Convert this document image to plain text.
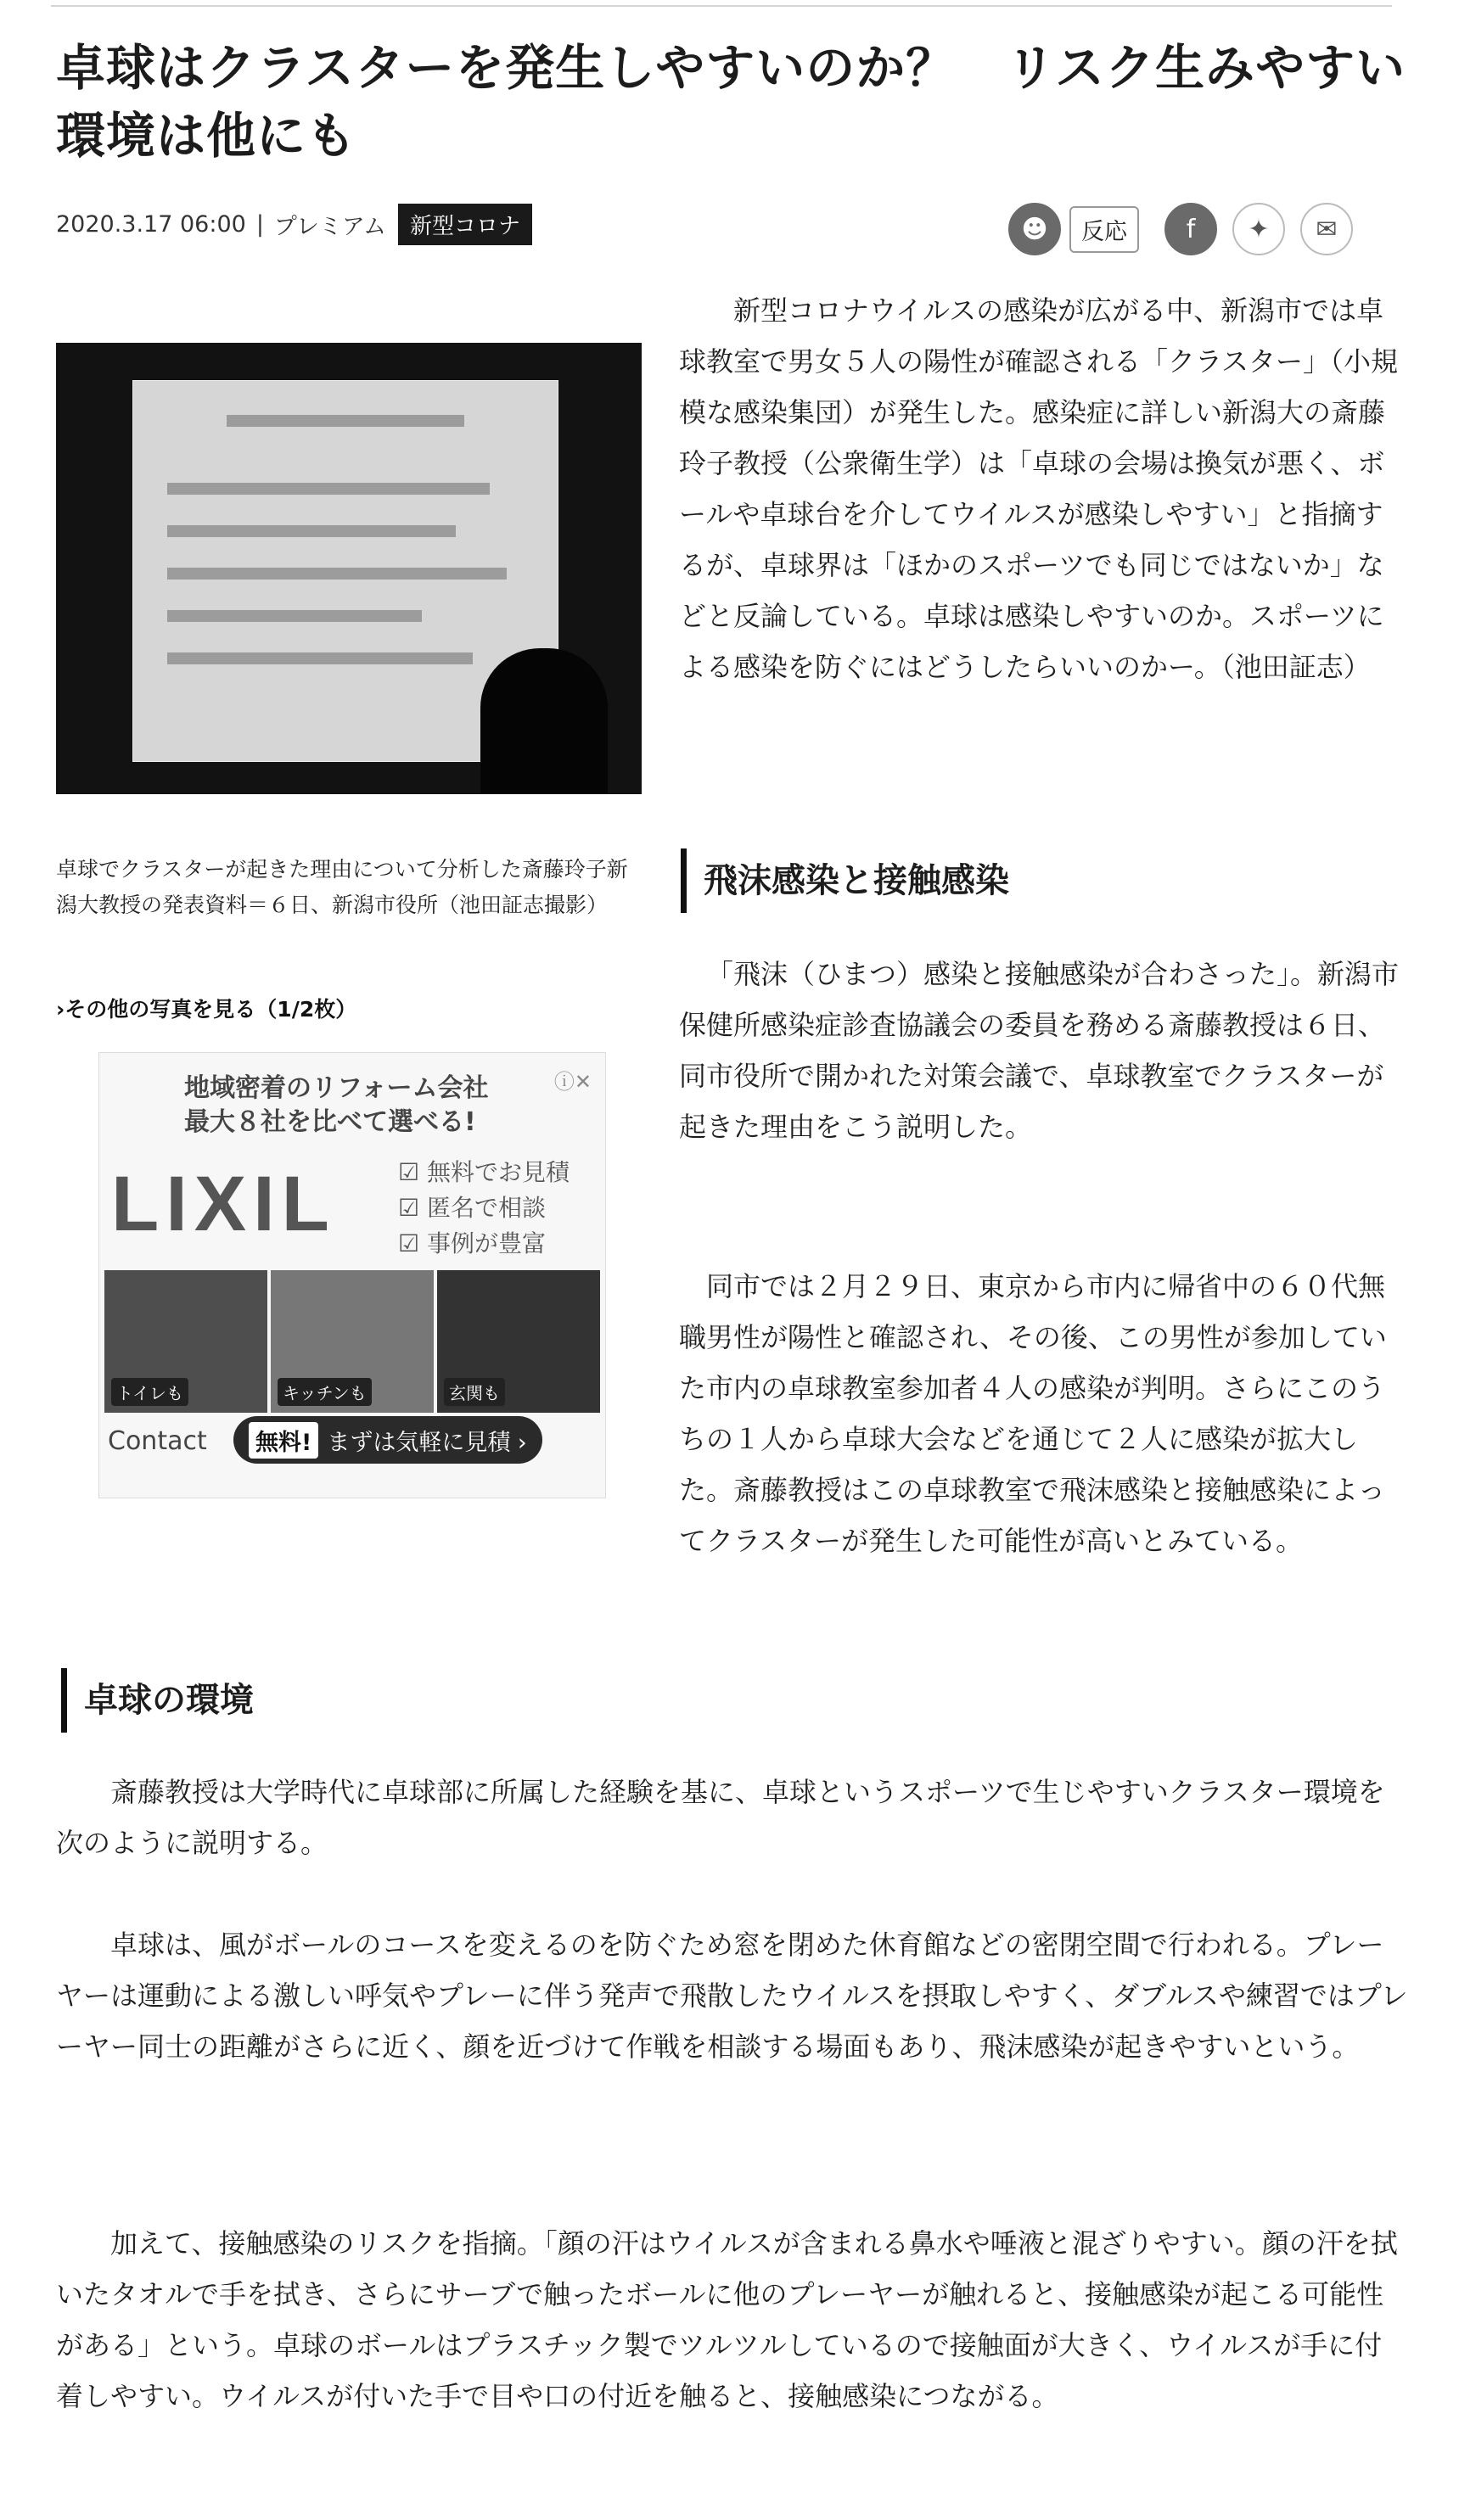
卓球はクラスターを発生しやすいのか？　リスク生みやすい環境は他にも
2020.3.17 06:00 | プレミアム	新型コロナ	☻	反応	f	✦	✉
卓球でクラスターが起きた理由について分析した斎藤玲子新潟大教授の発表資料＝６日、新潟市役所（池田証志撮影）
›その他の写真を見る（1/2枚）
地域密着のリフォーム会社
最大８社を比べて選べる!
ⓘ✕
LIXIL	☑ 無料でお見積
☑ 匿名で相談
☑ 事例が豊富
トイレも	キッチンも	玄関も
Contact 無料! まずは気軽に見積 ›

新型コロナウイルスの感染が広がる中、新潟市では卓球教室で男女５人の陽性が確認される「クラスター」（小規模な感染集団）が発生した。感染症に詳しい新潟大の斎藤玲子教授（公衆衛生学）は「卓球の会場は換気が悪く、ボールや卓球台を介してウイルスが感染しやすい」と指摘するが、卓球界は「ほかのスポーツでも同じではないか」などと反論している。卓球は感染しやすいのか。スポーツによる感染を防ぐにはどうしたらいいのかー。（池田証志）

飛沫感染と接触感染

「飛沫（ひまつ）感染と接触感染が合わさった」。新潟市保健所感染症診査協議会の委員を務める斎藤教授は６日、同市役所で開かれた対策会議で、卓球教室でクラスターが起きた理由をこう説明した。

同市では２月２９日、東京から市内に帰省中の６０代無職男性が陽性と確認され、その後、この男性が参加していた市内の卓球教室参加者４人の感染が判明。さらにこのうちの１人から卓球大会などを通じて２人に感染が拡大した。斎藤教授はこの卓球教室で飛沫感染と接触感染によってクラスターが発生した可能性が高いとみている。

卓球の環境

斎藤教授は大学時代に卓球部に所属した経験を基に、卓球というスポーツで生じやすいクラスター環境を次のように説明する。

卓球は、風がボールのコースを変えるのを防ぐため窓を閉めた休育館などの密閉空間で行われる。プレーヤーは運動による激しい呼気やプレーに伴う発声で飛散したウイルスを摂取しやすく、ダブルスや練習ではプレーヤー同士の距離がさらに近く、顔を近づけて作戦を相談する場面もあり、飛沫感染が起きやすいという。

加えて、接触感染のリスクを指摘。「顔の汗はウイルスが含まれる鼻水や唾液と混ざりやすい。顔の汗を拭いたタオルで手を拭き、さらにサーブで触ったボールに他のプレーヤーが触れると、接触感染が起こる可能性がある」という。卓球のボールはプラスチック製でツルツルしているので接触面が大きく、ウイルスが手に付着しやすい。ウイルスが付いた手で目や口の付近を触ると、接触感染につながる。
